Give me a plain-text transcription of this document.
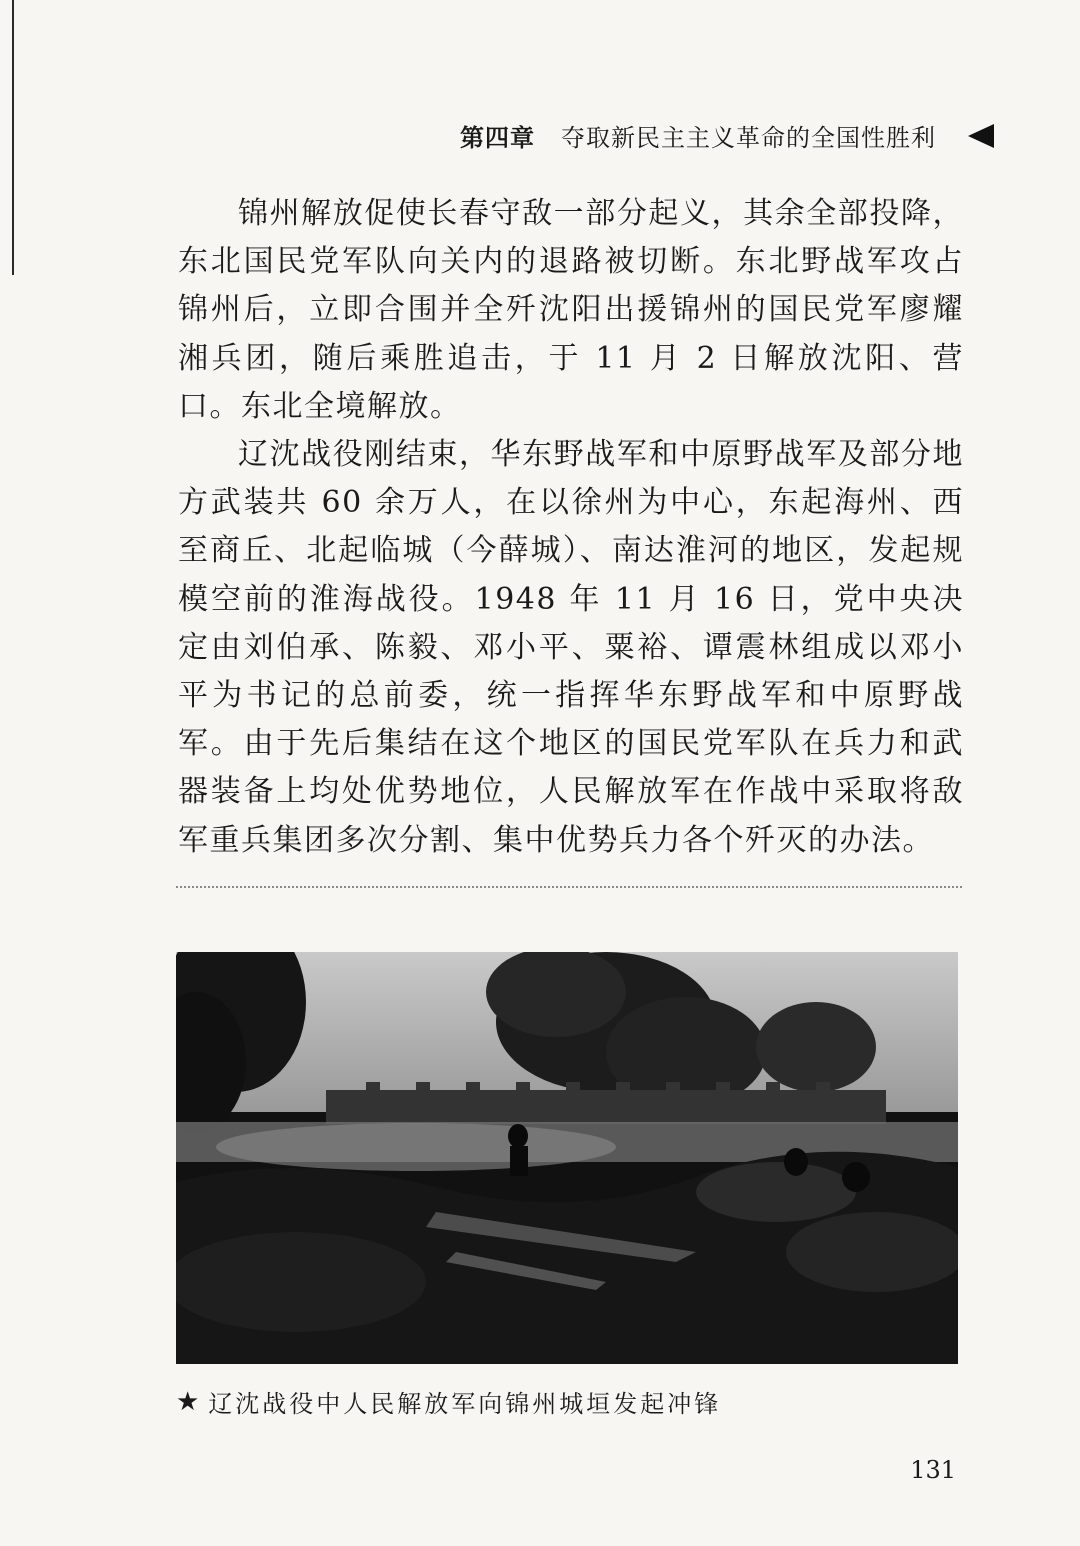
第四章 夺取新民主主义革命的全国性胜利

锦州解放促使长春守敌一部分起义，其余全部投降，东北国民党军队向关内的退路被切断。东北野战军攻占锦州后，立即合围并全歼沈阳出援锦州的国民党军廖耀湘兵团，随后乘胜追击，于 11 月 2 日解放沈阳、营口。东北全境解放。

辽沈战役刚结束，华东野战军和中原野战军及部分地方武装共 60 余万人，在以徐州为中心，东起海州、西至商丘、北起临城（今薛城）、南达淮河的地区，发起规模空前的淮海战役。1948 年 11 月 16 日，党中央决定由刘伯承、陈毅、邓小平、粟裕、谭震林组成以邓小平为书记的总前委，统一指挥华东野战军和中原野战军。由于先后集结在这个地区的国民党军队在兵力和武器装备上均处优势地位，人民解放军在作战中采取将敌军重兵集团多次分割、集中优势兵力各个歼灭的办法。

★ 辽沈战役中人民解放军向锦州城垣发起冲锋
131
